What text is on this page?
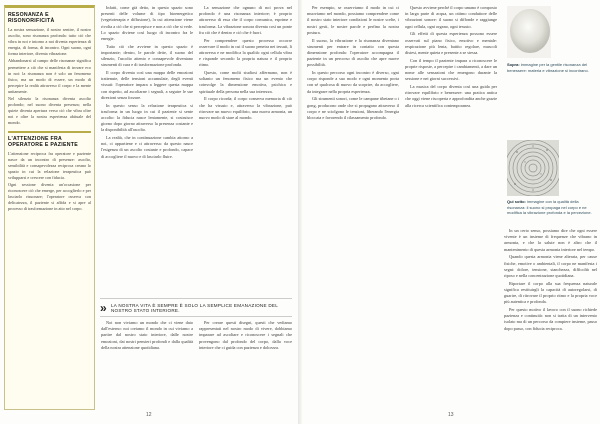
RESONANZA E RISONORIFICITÀ

La nostra sensazione, il nostro sentire, il nostro ascolto, sono risonanza profonda: tutto ciò che vibra in noi e intorno a noi diventa esperienza di energia, di forma, di incontro. Ogni suono, ogni forma interiore, diventa vibrazione.

Abbandonarsi al campo delle risonanze significa permettere a ciò che si manifesta di trovare eco in noi: la risonanza non è solo un fenomeno fisico, ma un modo di essere, un modo di percepire la realtà attraverso il corpo e la mente unitamente.

Nel silenzio la risonanza diventa ascolto profondo; nel suono diventa presenza; nella quiete diventa apertura verso ciò che vibra oltre noi e oltre la nostra esperienza abituale del mondo.

L'ATTENZIONE FRA OPERATORE E PAZIENTE

L'attenzione reciproca fra operatore e paziente nasce da un incontro di presenze: ascolto, sensibilità e consapevolezza reciproca creano lo spazio in cui la relazione terapeutica può svilupparsi e crescere con fiducia.

Ogni sessione diventa un'occasione per riconoscere ciò che emerge, per accoglierlo e per lasciarlo risuonare; l'operatore osserva con delicatezza, il paziente si affida e si apre al processo di trasformazione in atto nel corpo.

Infatti, come già detto, in questo spazio sono presenti delle volume di tipo bioenergetico (vegetoterapia e diffusione), la cui attenzione viene rivolta a ciò che si percepisce e non a ciò che si vede. Lo spazio diviene così luogo di incontro fra le energie.

Tutto ciò che avviene in questo spazio è importante; dentro, le parole dette, il suono del silenzio, l'ascolto attento e consapevole diventano strumenti di cura e di trasformazione profonda.

Il corpo diventa così una mappa delle emozioni trattenute, delle tensioni accumulate, degli eventi vissuti: l'operatore impara a leggere questa mappa con rispetto, ad ascoltarne i segnali, a seguire le sue direzioni senza forzare.

In questo senso la relazione terapeutica si trasforma in un luogo in cui il paziente si sente accolto: la fiducia nasce lentamente, si costruisce giorno dopo giorno attraverso la presenza costante e la disponibilità all'ascolto.

La realtà, che in continuazione cambia attorno a noi, ci appartiene e ci attraversa: da questo nasce l'esigenza di un ascolto costante e profondo, capace di accogliere il nuovo e di lasciarlo fluire.

La sensazione che ognuno di noi prova nel profondo è una risonanza interiore; è proprio attraverso di essa che il corpo comunica, esprime e trasforma. La vibrazione sonora diventa così un ponte fra ciò che è dentro e ciò che è fuori.

Per comprendere questo processo occorre osservare il modo in cui il suono penetra nei tessuti, li attraversa e ne modifica la qualità: ogni cellula vibra e risponde secondo la propria natura e il proprio ritmo.

Questo, come molti studiosi affermano, non è soltanto un fenomeno fisico ma un evento che coinvolge la dimensione emotiva, psichica e spirituale della persona nella sua interezza.

Il corpo ricorda; il corpo conserva memoria di ciò che ha vissuto e, attraverso la vibrazione, può ritrovare un nuovo equilibrio, una nuova armonia, un nuovo modo di stare al mondo.

» LA NOSTRA VITA È SEMPRE È SOLO LA SEMPLICE EMANAZIONE DEL NOSTRO STATO INTERIORE.

Noi non viviamo un mondo che ci viene dato dall'esterno: noi creiamo il mondo in cui viviamo a partire dal nostro stato interiore, dalle nostre emozioni, dai nostri pensieri profondi e dalla qualità della nostra attenzione quotidiana.

Per creare questi disegni, questi che vediamo rappresentati nel nostro modo di vivere, dobbiamo imparare ad ascoltare e riconoscere i segnali che provengono dal profondo del corpo, dalla voce interiore che ci guida con pazienza e dolcezza.

12

Per esempio, se osserviamo il modo in cui ci muoviamo nel mondo, possiamo comprendere come il nostro stato interiore condizioni le nostre scelte, i nostri gesti, le nostre parole e perfino la nostra postura.

Il suono, la vibrazione e la risonanza diventano strumenti per entrare in contatto con questa dimensione profonda: l'operatore accompagna il paziente in un percorso di ascolto che apre nuove possibilità.

In questo percorso ogni incontro è diverso, ogni corpo risponde a suo modo e ogni momento porta con sé qualcosa di nuovo da scoprire, da accogliere, da integrare nella propria esperienza.

Gli strumenti sonori, come le campane tibetane o i gong, producono onde che si propagano attraverso il corpo e ne sciolgono le tensioni, liberando l'energia bloccata e favorendo il rilassamento profondo.

Questo avviene perché il corpo umano è composto in larga parte di acqua, un ottimo conduttore delle vibrazioni sonore: il suono si diffonde e raggiunge ogni cellula, ogni organo, ogni tessuto.

Gli effetti di questa esperienza possono essere osservati sul piano fisico, emotivo e mentale: respirazione più lenta, battito regolare, muscoli distesi, mente quieta e presente a se stessa.

Con il tempo il paziente impara a riconoscere le proprie risposte, a percepire i cambiamenti, a dare un nome alle sensazioni che emergono durante la sessione e nei giorni successivi.

La musica del corpo diventa così una guida per ritrovare equilibrio e benessere: una pratica antica che oggi viene riscoperta e approfondita anche grazie alla ricerca scientifica contemporanea.

Sopra: immagine per la gentile risonanza del benessere: materia e vibrazione si incontrano.
Qui sotto: immagine con la qualità della risonanza: il suono si propaga nel corpo e ne modifica la vibrazione profonda e la percezione.

In un certo senso, possiamo dire che ogni essere vivente è un insieme di frequenze che vibrano in armonia, e che la salute non è altro che il mantenimento di questa armonia interiore nel tempo.

Quando questa armonia viene alterata, per cause fisiche, emotive o ambientali, il corpo ne manifesta i segni: dolore, tensione, stanchezza, difficoltà nel riposo e nella concentrazione quotidiana.

Riportare il corpo alla sua frequenza naturale significa restituirgli la capacità di autoregolarsi, di guarire, di ritrovare il proprio ritmo e la propria voce più autentica e profonda.

Per questo motivo il lavoro con il suono richiede pazienza e continuità: non si tratta di un intervento isolato ma di un percorso da compiere insieme, passo dopo passo, con fiducia reciproca.

13
